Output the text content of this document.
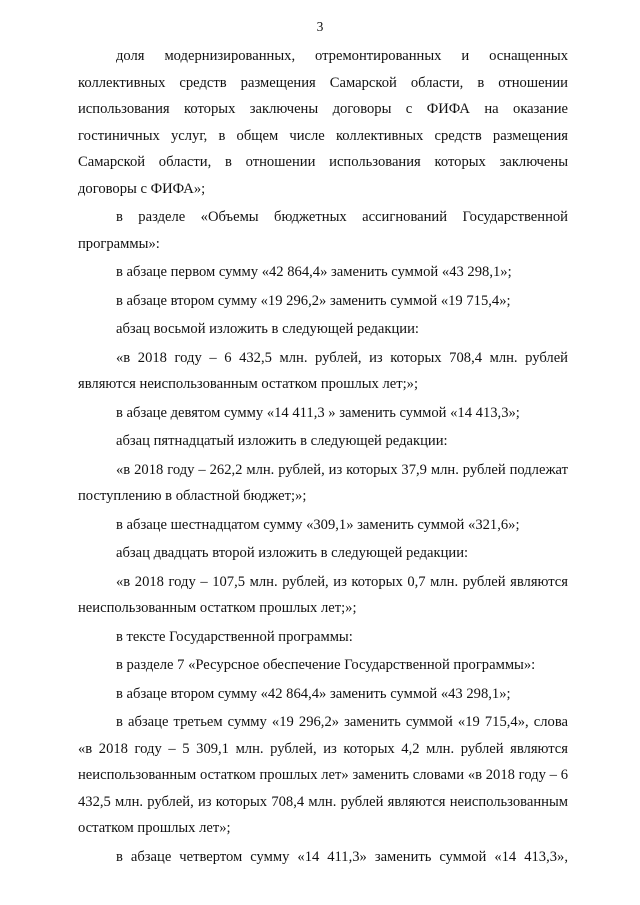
3

доля модернизированных, отремонтированных и оснащенных коллективных средств размещения Самарской области, в отношении использования которых заключены договоры с ФИФА на оказание гостиничных услуг, в общем числе коллективных средств размещения Самарской области, в отношении использования которых заключены договоры с ФИФА»;

в разделе «Объемы бюджетных ассигнований Государственной программы»:

в абзаце первом сумму «42 864,4» заменить суммой «43 298,1»;

в абзаце втором сумму «19 296,2» заменить суммой «19 715,4»;

абзац восьмой изложить в следующей редакции:

«в 2018 году – 6 432,5 млн. рублей, из которых 708,4 млн. рублей являются неиспользованным остатком прошлых лет;»;

в абзаце девятом сумму «14 411,3 » заменить суммой «14 413,3»;

абзац пятнадцатый изложить в следующей редакции:

«в 2018 году – 262,2 млн. рублей, из которых 37,9 млн. рублей подлежат поступлению в областной бюджет;»;

в абзаце шестнадцатом сумму «309,1» заменить суммой «321,6»;

абзац двадцать второй изложить в следующей редакции:

«в 2018 году – 107,5 млн. рублей, из которых 0,7 млн. рублей являются неиспользованным остатком прошлых лет;»;

в тексте Государственной программы:

в разделе 7 «Ресурсное обеспечение Государственной программы»:

в абзаце втором сумму «42 864,4» заменить суммой «43 298,1»;

в абзаце третьем сумму «19 296,2» заменить суммой «19 715,4», слова «в 2018 году – 5 309,1 млн. рублей, из которых 4,2 млн. рублей являются неиспользованным остатком прошлых лет» заменить словами «в 2018 году – 6 432,5 млн. рублей, из которых 708,4 млн. рублей являются неиспользованным остатком прошлых лет»;

в абзаце четвертом сумму «14 411,3» заменить суммой «14 413,3»,
